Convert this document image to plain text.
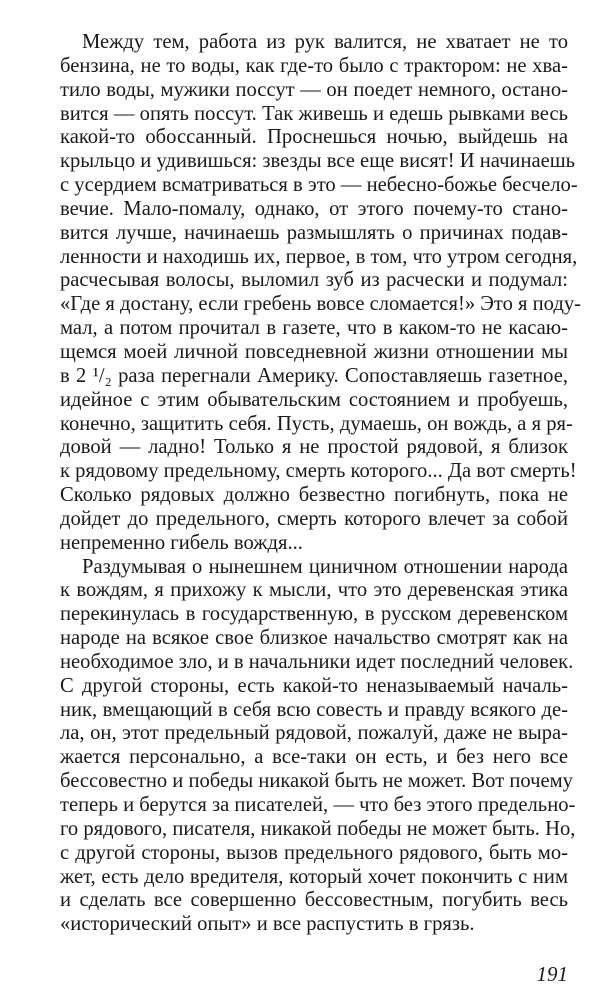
Между тем, работа из рук валится, не хватает не то
бензина, не то воды, как где-то было с трактором: не хва-
тило воды, мужики поссут — он поедет немного, остано-
вится — опять поссут. Так живешь и едешь рывками весь
какой-то обоссанный. Проснешься ночью, выйдешь на
крыльцо и удивишься: звезды все еще висят! И начинаешь
с усердием всматриваться в это — небесно-божье бесчело-
вечие. Мало-помалу, однако, от этого почему-то стано-
вится лучше, начинаешь размышлять о причинах подав-
ленности и находишь их, первое, в том, что утром сегодня,
расчесывая волосы, выломил зуб из расчески и подумал:
«Где я достану, если гребень вовсе сломается!» Это я поду-
мал, а потом прочитал в газете, что в каком-то не касаю-
щемся моей личной повседневной жизни отношении мы
в 2 ¹/₂ раза перегнали Америку. Сопоставляешь газетное,
идейное с этим обывательским состоянием и пробуешь,
конечно, защитить себя. Пусть, думаешь, он вождь, а я ря-
довой — ладно! Только я не простой рядовой, я близок
к рядовому предельному, смерть которого... Да вот смерть!
Сколько рядовых должно безвестно погибнуть, пока не
дойдет до предельного, смерть которого влечет за собой
непременно гибель вождя...
Раздумывая о нынешнем циничном отношении народа
к вождям, я прихожу к мысли, что это деревенская этика
перекинулась в государственную, в русском деревенском
народе на всякое свое близкое начальство смотрят как на
необходимое зло, и в начальники идет последний человек.
С другой стороны, есть какой-то неназываемый началь-
ник, вмещающий в себя всю совесть и правду всякого де-
ла, он, этот предельный рядовой, пожалуй, даже не выра-
жается персонально, а все-таки он есть, и без него все
бессовестно и победы никакой быть не может. Вот почему
теперь и берутся за писателей, — что без этого предельно-
го рядового, писателя, никакой победы не может быть. Но,
с другой стороны, вызов предельного рядового, быть мо-
жет, есть дело вредителя, который хочет покончить с ним
и сделать все совершенно бессовестным, погубить весь
«исторический опыт» и все распустить в грязь.
191
